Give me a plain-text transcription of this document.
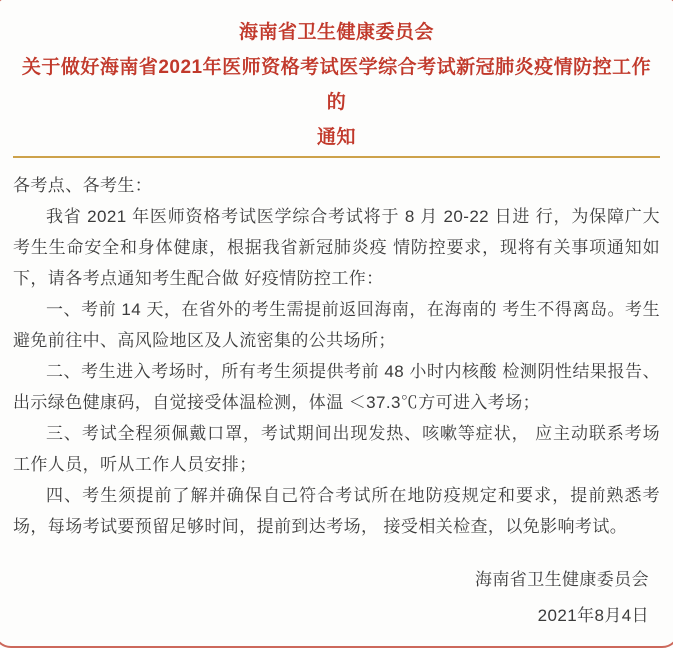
海南省卫生健康委员会
关于做好海南省2021年医师资格考试医学综合考试新冠肺炎疫情防控工作的
通知

各考点、各考生：

我省 2021 年医师资格考试医学综合考试将于 8 月 20-22 日进 行，为保障广大考生生命安全和身体健康，根据我省新冠肺炎疫 情防控要求，现将有关事项通知如下，请各考点通知考生配合做 好疫情防控工作：

一、考前 14 天，在省外的考生需提前返回海南，在海南的 考生不得离岛。考生避免前往中、高风险地区及人流密集的公共场所；

二、考生进入考场时，所有考生须提供考前 48 小时内核酸 检测阴性结果报告、出示绿色健康码，自觉接受体温检测，体温 ＜37.3℃方可进入考场；

三、考试全程须佩戴口罩，考试期间出现发热、咳嗽等症状， 应主动联系考场工作人员，听从工作人员安排；

四、考生须提前了解并确保自己符合考试所在地防疫规定和要求，提前熟悉考场，每场考试要预留足够时间，提前到达考场， 接受相关检查，以免影响考试。

海南省卫生健康委员会
2021年8月4日
